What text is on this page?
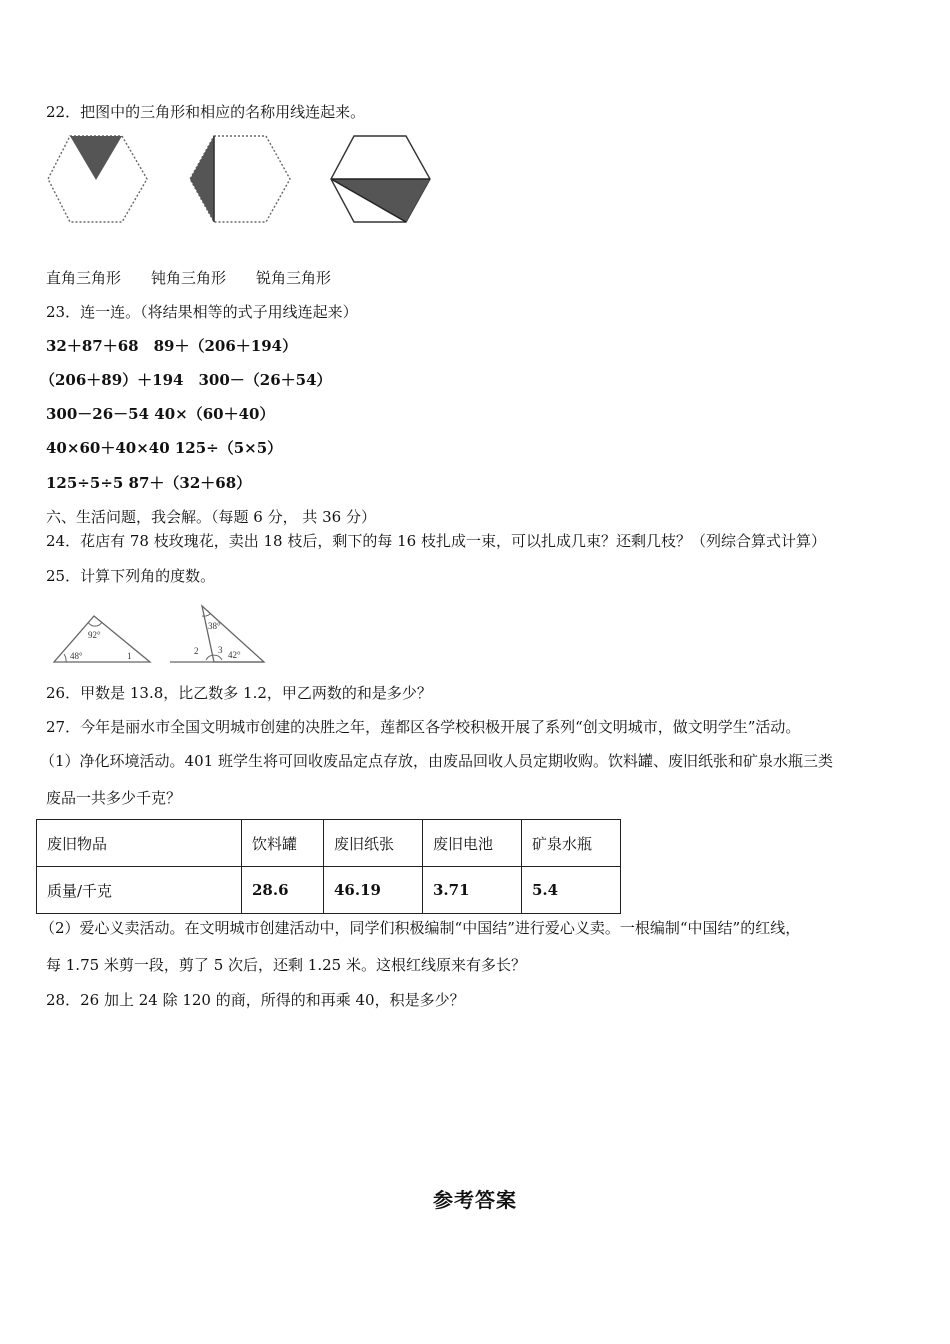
22．把图中的三角形和相应的名称用线连起来。
直角三角形　　钝角三角形　　锐角三角形
23．连一连。（将结果相等的式子用线连起来）
32＋87＋68　89＋（206＋194）
（206＋89）＋194　300－（26＋54）
300－26－54 40×（60＋40）
40×60＋40×40 125÷（5×5）
125÷5÷5 87＋（32＋68）
六、生活问题，我会解。（每题 6 分， 共 36 分）
24．花店有 78 枝玫瑰花，卖出 18 枝后，剩下的每 16 枝扎成一束，可以扎成几束？还剩几枝？（列综合算式计算）
25．计算下列角的度数。
92°
48°	1
38°
2 3 42°
26．甲数是 13.8，比乙数多 1.2，甲乙两数的和是多少？
27．今年是丽水市全国文明城市创建的决胜之年，莲都区各学校积极开展了系列“创文明城市，做文明学生”活动。
（1）净化环境活动。401 班学生将可回收废品定点存放，由废品回收人员定期收购。饮料罐、废旧纸张和矿泉水瓶三类
废品一共多少千克？
废旧物品	饮料罐	废旧纸张	废旧电池	矿泉水瓶
质量/千克	28.6	46.19	3.71	5.4
（2）爱心义卖活动。在文明城市创建活动中，同学们积极编制“中国结”进行爱心义卖。一根编制“中国结”的红线，
每 1.75 米剪一段，剪了 5 次后，还剩 1.25 米。这根红线原来有多长？
28．26 加上 24 除 120 的商，所得的和再乘 40，积是多少？
参考答案
